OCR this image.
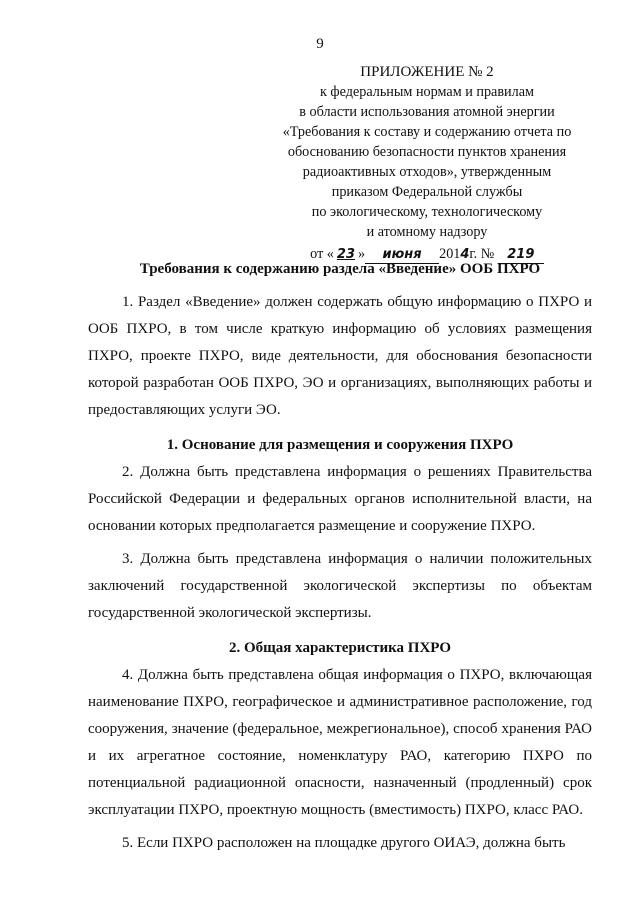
9
ПРИЛОЖЕНИЕ № 2
к федеральным нормам и правилам
в области использования атомной энергии
«Требования к составу и содержанию отчета по
обоснованию безопасности пунктов хранения
радиоактивных отходов», утвержденным
приказом Федеральной службы
по экологическому, технологическому
и атомному надзору
от « 23 » июня 2014г. № 219
Требования к содержанию раздела «Введение» ООБ ПХРО

1. Раздел «Введение» должен содержать общую информацию о ПХРО и ООБ ПХРО, в том числе краткую информацию об условиях размещения ПХРО, проекте ПХРО, виде деятельности, для обоснования безопасности которой разработан ООБ ПХРО, ЭО и организациях, выполняющих работы и предоставляющих услуги ЭО.

1. Основание для размещения и сооружения ПХРО

2. Должна быть представлена информация о решениях Правительства Российской Федерации и федеральных органов исполнительной власти, на основании которых предполагается размещение и сооружение ПХРО.

3. Должна быть представлена информация о наличии положительных заключений государственной экологической экспертизы по объектам государственной экологической экспертизы.

2. Общая характеристика ПХРО

4. Должна быть представлена общая информация о ПХРО, включающая наименование ПХРО, географическое и административное расположение, год сооружения, значение (федеральное, межрегиональное), способ хранения РАО и их агрегатное состояние, номенклатуру РАО, категорию ПХРО по потенциальной радиационной опасности, назначенный (продленный) срок эксплуатации ПХРО, проектную мощность (вместимость) ПХРО, класс РАО.

5. Если ПХРО расположен на площадке другого ОИАЭ, должна быть
